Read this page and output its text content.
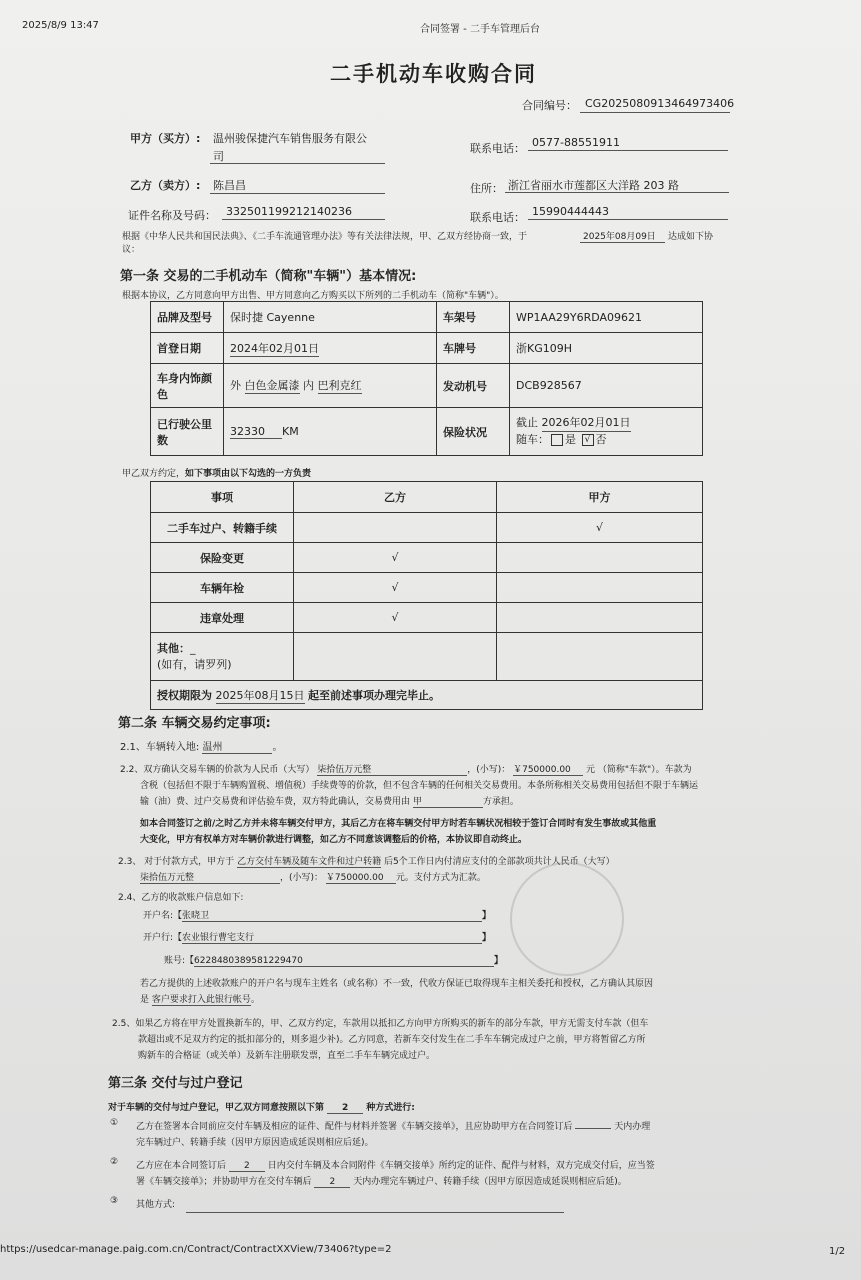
2025/8/9 13:47	合同签署 - 二手车管理后台
二手机动车收购合同
合同编号： CG2025080913464973406
甲方（买方）: 温州骏保捷汽车销售服务有限公
司
联系电话： 0577-88551911
乙方（卖方）: 陈昌昌	住所： 浙江省丽水市莲都区大洋路 203 路
证件名称及号码： 332501199212140236	联系电话： 15990444443
根据《中华人民共和国民法典》、《二手车流通管理办法》等有关法律法规，甲、乙双方经协商一致，于	2025年08月09日 达成如下协
议：
第一条 交易的二手机动车（简称"车辆"）基本情况:
根据本协议，乙方同意向甲方出售、甲方同意向乙方购买以下所列的二手机动车（简称"车辆"）。
品牌及型号	保时捷 Cayenne	车架号	WP1AA29Y6RDA09621
首登日期	2024年02月01日	车牌号	浙KG109H
车身内饰颜
色	外 白色金属漆 内 巴利克红	发动机号	DCB928567
已行驶公里
数	32330 KM	保险状况	截止 2026年02月01日
随车： 是 √ 否
甲乙双方约定，如下事项由以下勾选的一方负责
事项	乙方	甲方
二手车过户、转籍手续		√
保险变更	√	
车辆年检	√	
违章处理	√	
其他：_
(如有，请罗列)		
授权期限为 2025年08月15日 起至前述事项办理完毕止。		
第二条 车辆交易约定事项:
2.1、车辆转入地: 温州	。
2.2、双方确认交易车辆的价款为人民币（大写） 柒拾伍万元整	，(小写)： ￥750000.00 元 （简称"车款"）。车款为
含税（包括但不限于车辆购置税、增值税）手续费等的价款，但不包含车辆的任何相关交易费用。本条所称相关交易费用包括但不限于车辆运
输（油）费、过户交易费和评估验车费，双方特此确认，交易费用由 甲	方承担。
如本合同签订之前/之时乙方并未将车辆交付甲方，其后乙方在将车辆交付甲方时若车辆状况相较于签订合同时有发生事故或其他重
大变化，甲方有权单方对车辆价款进行调整，如乙方不同意该调整后的价格，本协议即自动终止。
2.3、 对于付款方式，甲方于 乙方交付车辆及随车文件和过户转籍 后5个工作日内付清应支付的全部款项共计人民币（大写）
柒拾伍万元整	，(小写)： ￥750000.00 元。支付方式为汇款。
2.4、乙方的收款账户信息如下:
开户名:【张晓卫	】
开户行:【农业银行曹宅支行	】
账号:【6228480389581229470	】
若乙方提供的上述收款账户的开户名与现车主姓名（或名称）不一致，代收方保证已取得现车主相关委托和授权，乙方确认其原因
是 客户要求打入此银行帐号。
2.5、如果乙方将在甲方处置换新车的，甲、乙双方约定，车款用以抵扣乙方向甲方所购买的新车的部分车款，甲方无需支付车款（但车
款超出或不足双方约定的抵扣部分的，则多退少补)。乙方同意，若新车交付发生在二手车车辆完成过户之前，甲方将暂留乙方所
购新车的合格证（或关单）及新车注册联发票，直至二手车车辆完成过户。
第三条 交付与过户登记
对于车辆的交付与过户登记，甲乙双方同意按照以下第 2 种方式进行:
① 乙方在签署本合同前应交付车辆及相应的证件、配件与材料并签署《车辆交接单》，且应协助甲方在合同签订后	天内办理
完车辆过户、转籍手续（因甲方原因造成延误则相应后延)。
② 乙方应在本合同签订后 2 日内交付车辆及本合同附件《车辆交接单》所约定的证件、配件与材料，双方完成交付后，应当签
署《车辆交接单》；并协助甲方在交付车辆后 2 天内办理完车辆过户、转籍手续（因甲方原因造成延误则相应后延)。
③ 其他方式:
https://usedcar-manage.paig.com.cn/Contract/ContractXXView/73406?type=2	1/2
